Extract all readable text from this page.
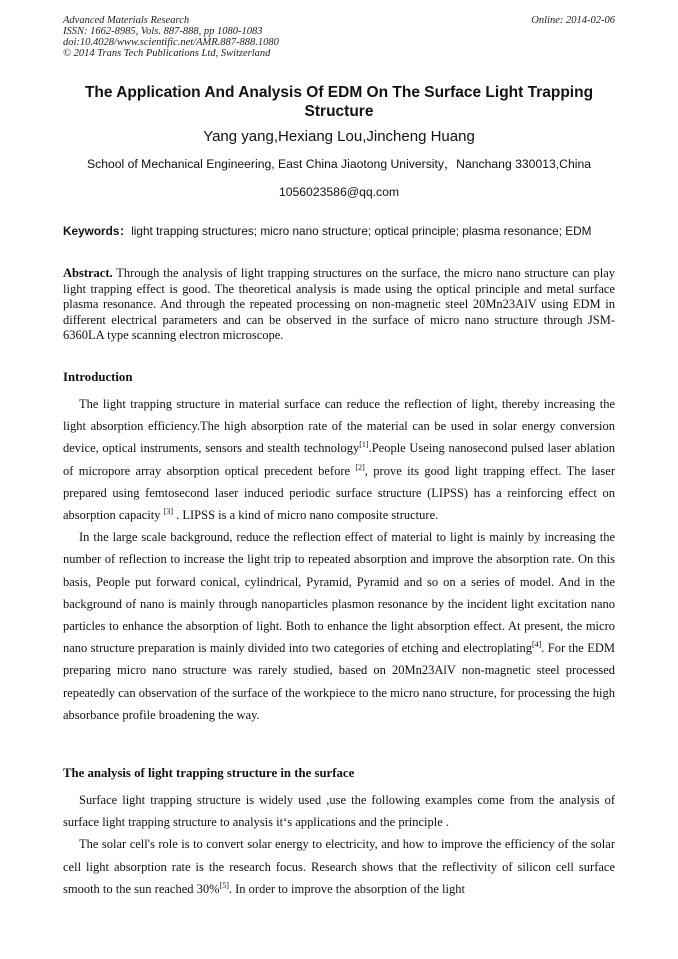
Advanced Materials Research
ISSN: 1662-8985, Vols. 887-888, pp 1080-1083
doi:10.4028/www.scientific.net/AMR.887-888.1080
© 2014 Trans Tech Publications Ltd, Switzerland
Online: 2014-02-06
The Application And Analysis Of EDM On The Surface Light Trapping Structure
Yang yang,Hexiang Lou,Jincheng Huang
School of Mechanical Engineering, East China Jiaotong University，Nanchang 330013,China
1056023586@qq.com
Keywords：light trapping structures; micro nano structure; optical principle; plasma resonance; EDM
Abstract. Through the analysis of light trapping structures on the surface, the micro nano structure can play light trapping effect is good. The theoretical analysis is made using the optical principle and metal surface plasma resonance. And through the repeated processing on non-magnetic steel 20Mn23AlV using EDM in different electrical parameters and can be observed in the surface of micro nano structure through JSM-6360LA type scanning electron microscope.
Introduction

The light trapping structure in material surface can reduce the reflection of light, thereby increasing the light absorption efficiency.The high absorption rate of the material can be used in solar energy conversion device, optical instruments, sensors and stealth technology[1].People Useing nanosecond pulsed laser ablation of micropore array absorption optical precedent before [2], prove its good light trapping effect. The laser prepared using femtosecond laser induced periodic surface structure (LIPSS) has a reinforcing effect on absorption capacity [3] . LIPSS is a kind of micro nano composite structure.

In the large scale background, reduce the reflection effect of material to light is mainly by increasing the number of reflection to increase the light trip to repeated absorption and improve the absorption rate. On this basis, People put forward conical, cylindrical, Pyramid, Pyramid and so on a series of model. And in the background of nano is mainly through nanoparticles plasmon resonance by the incident light excitation nano particles to enhance the absorption of light. Both to enhance the light absorption effect. At present, the micro nano structure preparation is mainly divided into two categories of etching and electroplating[4]. For the EDM preparing micro nano structure was rarely studied, based on 20Mn23AlV non-magnetic steel processed repeatedly can observation of the surface of the workpiece to the micro nano structure, for processing the high absorbance profile broadening the way.

The analysis of light trapping structure in the surface

Surface light trapping structure is widely used ,use the following examples come from the analysis of surface light trapping structure to analysis it‘s applications and the principle .

The solar cell's role is to convert solar energy to electricity, and how to improve the efficiency of the solar cell light absorption rate is the research focus. Research shows that the reflectivity of silicon cell surface smooth to the sun reached 30%[5]. In order to improve the absorption of the light
